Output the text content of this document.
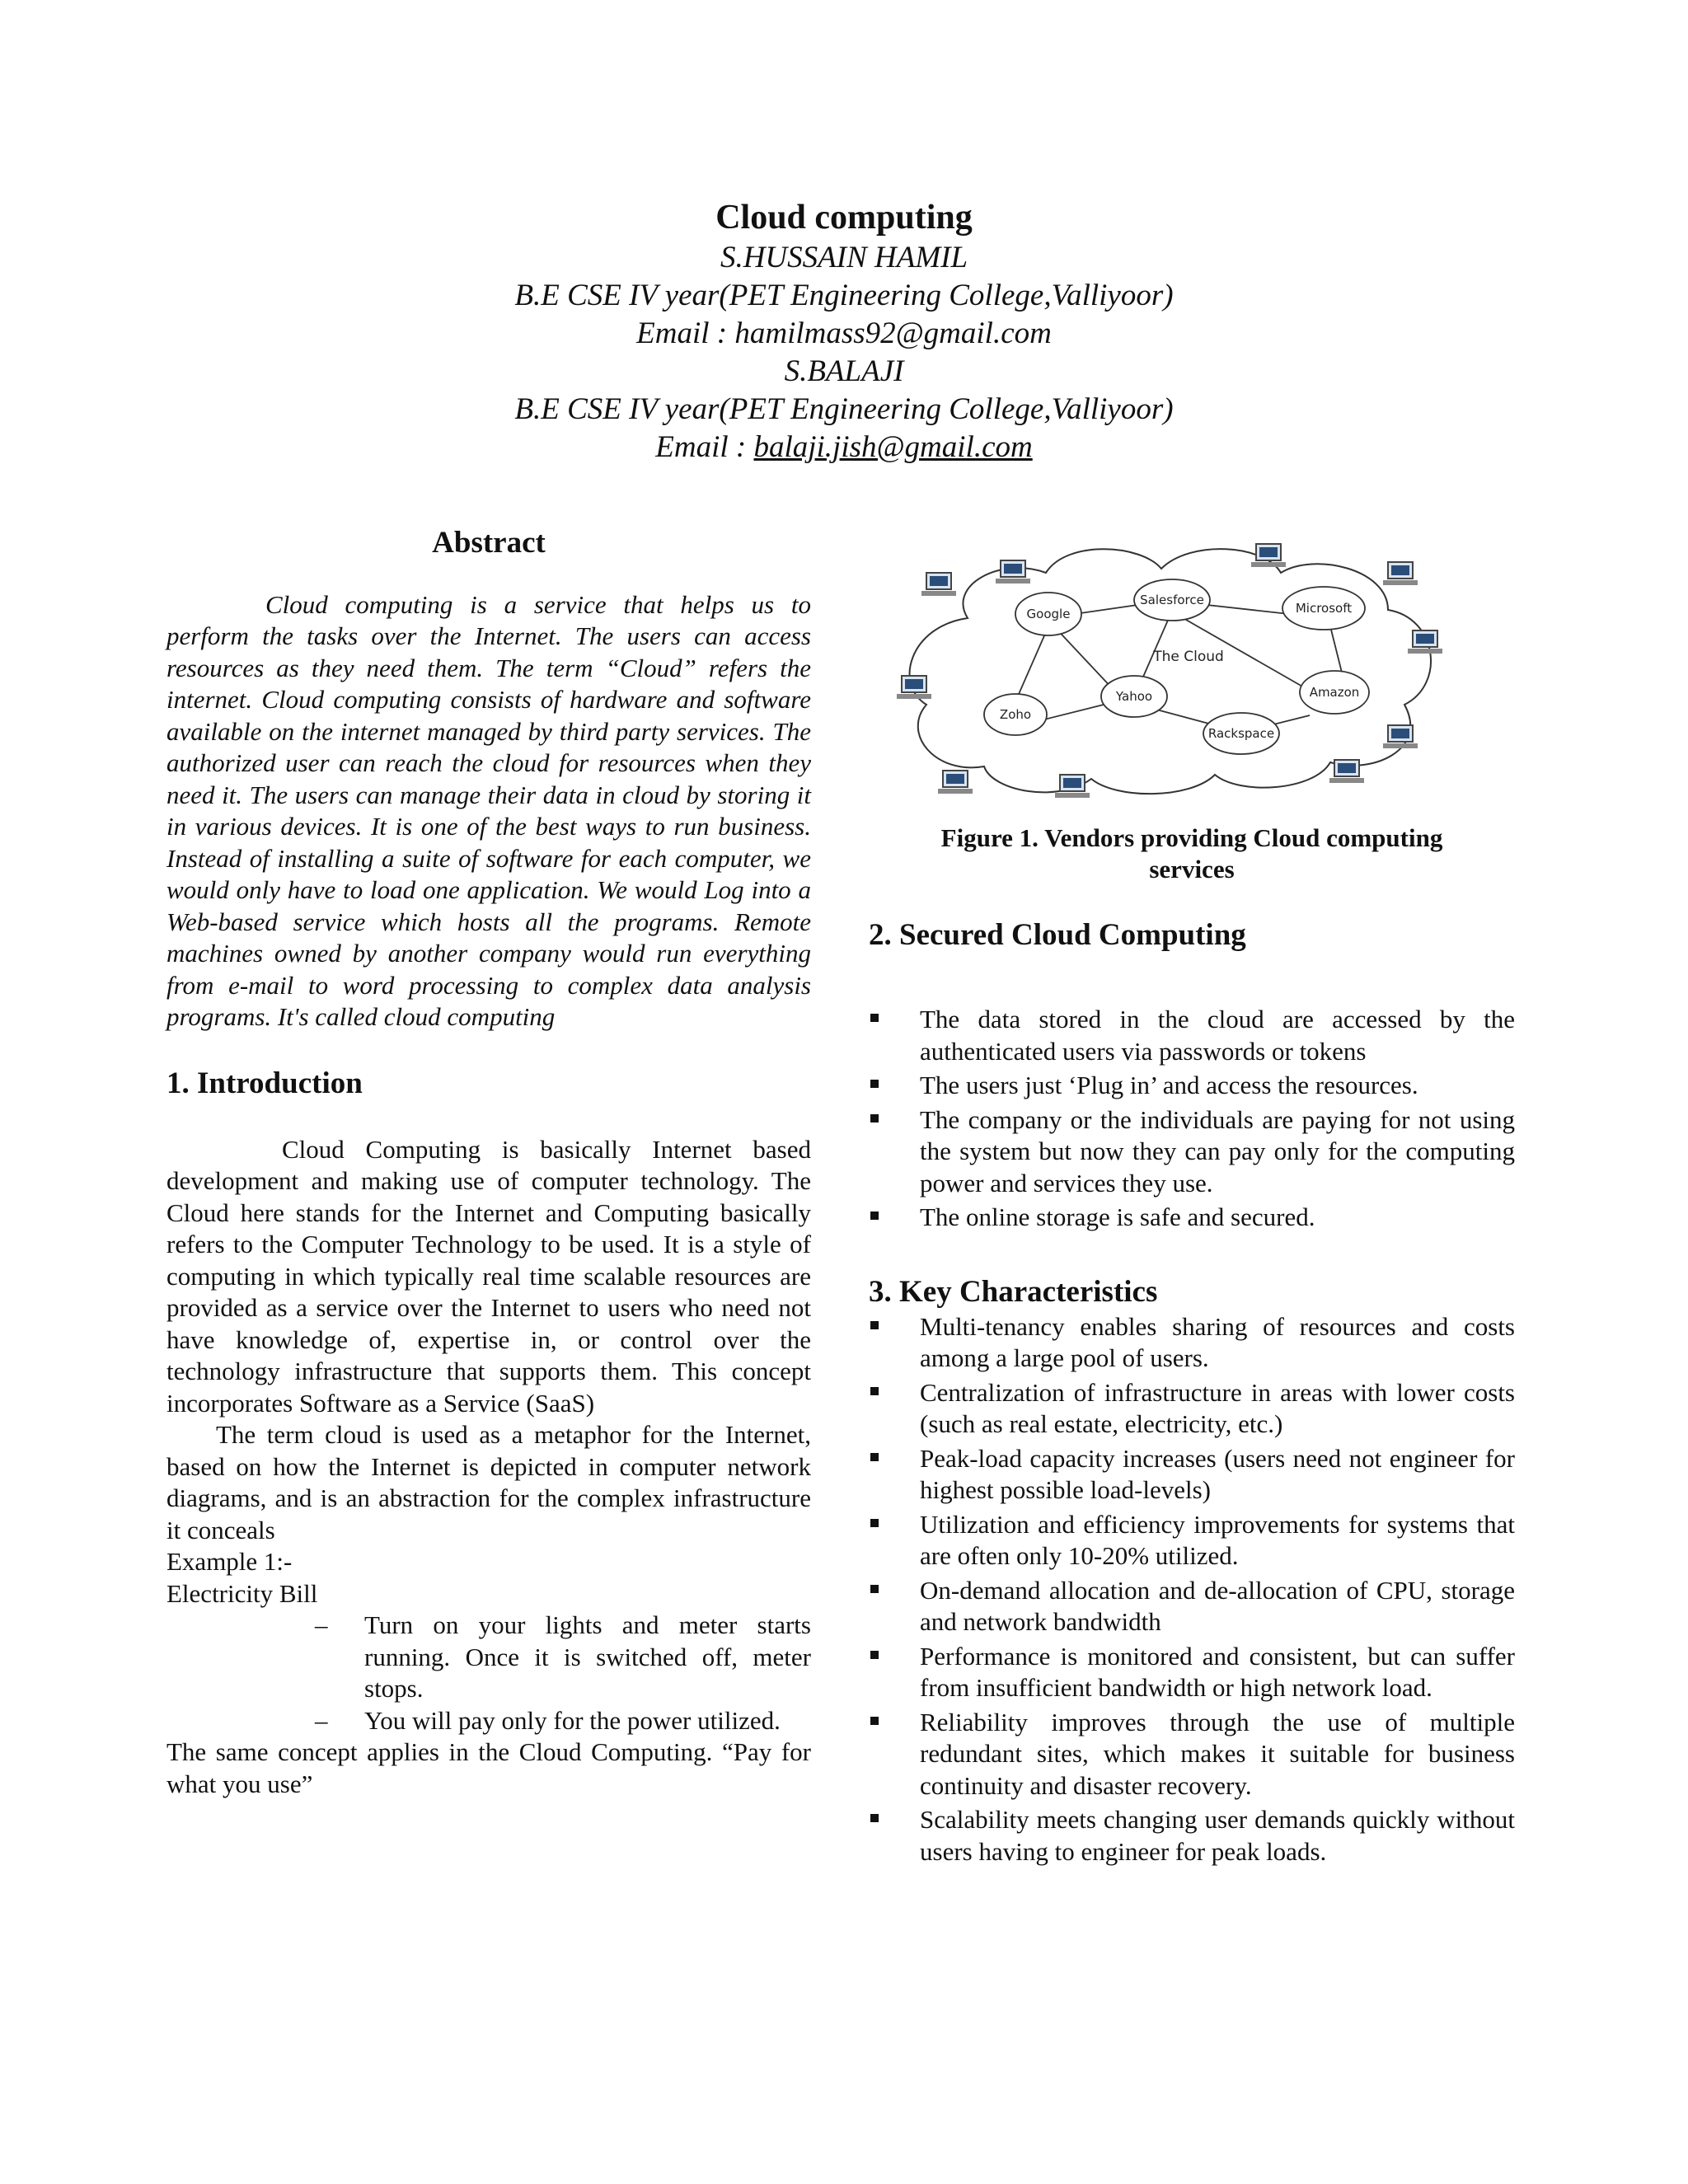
Cloud computing
S.HUSSAIN HAMIL
B.E CSE IV year(PET Engineering College,Valliyoor)
Email : hamilmass92@gmail.com
S.BALAJI
B.E CSE IV year(PET Engineering College,Valliyoor)
Email : balaji.jish@gmail.com
Abstract

Cloud computing is a service that helps us to perform the tasks over the Internet. The users can access resources as they need them. The term “Cloud” refers the internet. Cloud computing consists of hardware and software available on the internet managed by third party services. The authorized user can reach the cloud for resources when they need it. The users can manage their data in cloud by storing it in various devices. It is one of the best ways to run business. Instead of installing a suite of software for each computer, we would only have to load one application. We would Log into a Web-based service which hosts all the programs. Remote machines owned by another company would run everything from e-mail to word processing to complex data analysis programs. It's called cloud computing

1. Introduction

Cloud Computing is basically Internet based development and making use of computer technology. The Cloud here stands for the Internet and Computing basically refers to the Computer Technology to be used. It is a style of computing in which typically real time scalable resources are provided as a service over the Internet to users who need not have knowledge of, expertise in, or control over the technology infrastructure that supports them. This concept incorporates Software as a Service (SaaS)

The term cloud is used as a metaphor for the Internet, based on how the Internet is depicted in computer network diagrams, and is an abstraction for the complex infrastructure it conceals

Example 1:-

Electricity Bill

– Turn on your lights and meter starts running. Once it is switched off, meter stops.
– You will pay only for the power utilized.

The same concept applies in the Cloud Computing. “Pay for what you use”

Google
Salesforce
Microsoft
Yahoo	Amazon
Zoho
Rackspace
The Cloud
Figure 1. Vendors providing Cloud computing services
2. Secured Cloud Computing
The data stored in the cloud are accessed by the authenticated users via passwords or tokens
The users just ‘Plug in’ and access the resources.
The company or the individuals are paying for not using the system but now they can pay only for the computing power and services they use.
The online storage is safe and secured.
3. Key Characteristics
Multi-tenancy enables sharing of resources and costs among a large pool of users.
Centralization of infrastructure in areas with lower costs (such as real estate, electricity, etc.)
Peak-load capacity increases (users need not engineer for highest possible load-levels)
Utilization and efficiency improvements for systems that are often only 10-20% utilized.
On-demand allocation and de-allocation of CPU, storage and network bandwidth
Performance is monitored and consistent, but can suffer from insufficient bandwidth or high network load.
Reliability improves through the use of multiple redundant sites, which makes it suitable for business continuity and disaster recovery.
Scalability meets changing user demands quickly without users having to engineer for peak loads.
